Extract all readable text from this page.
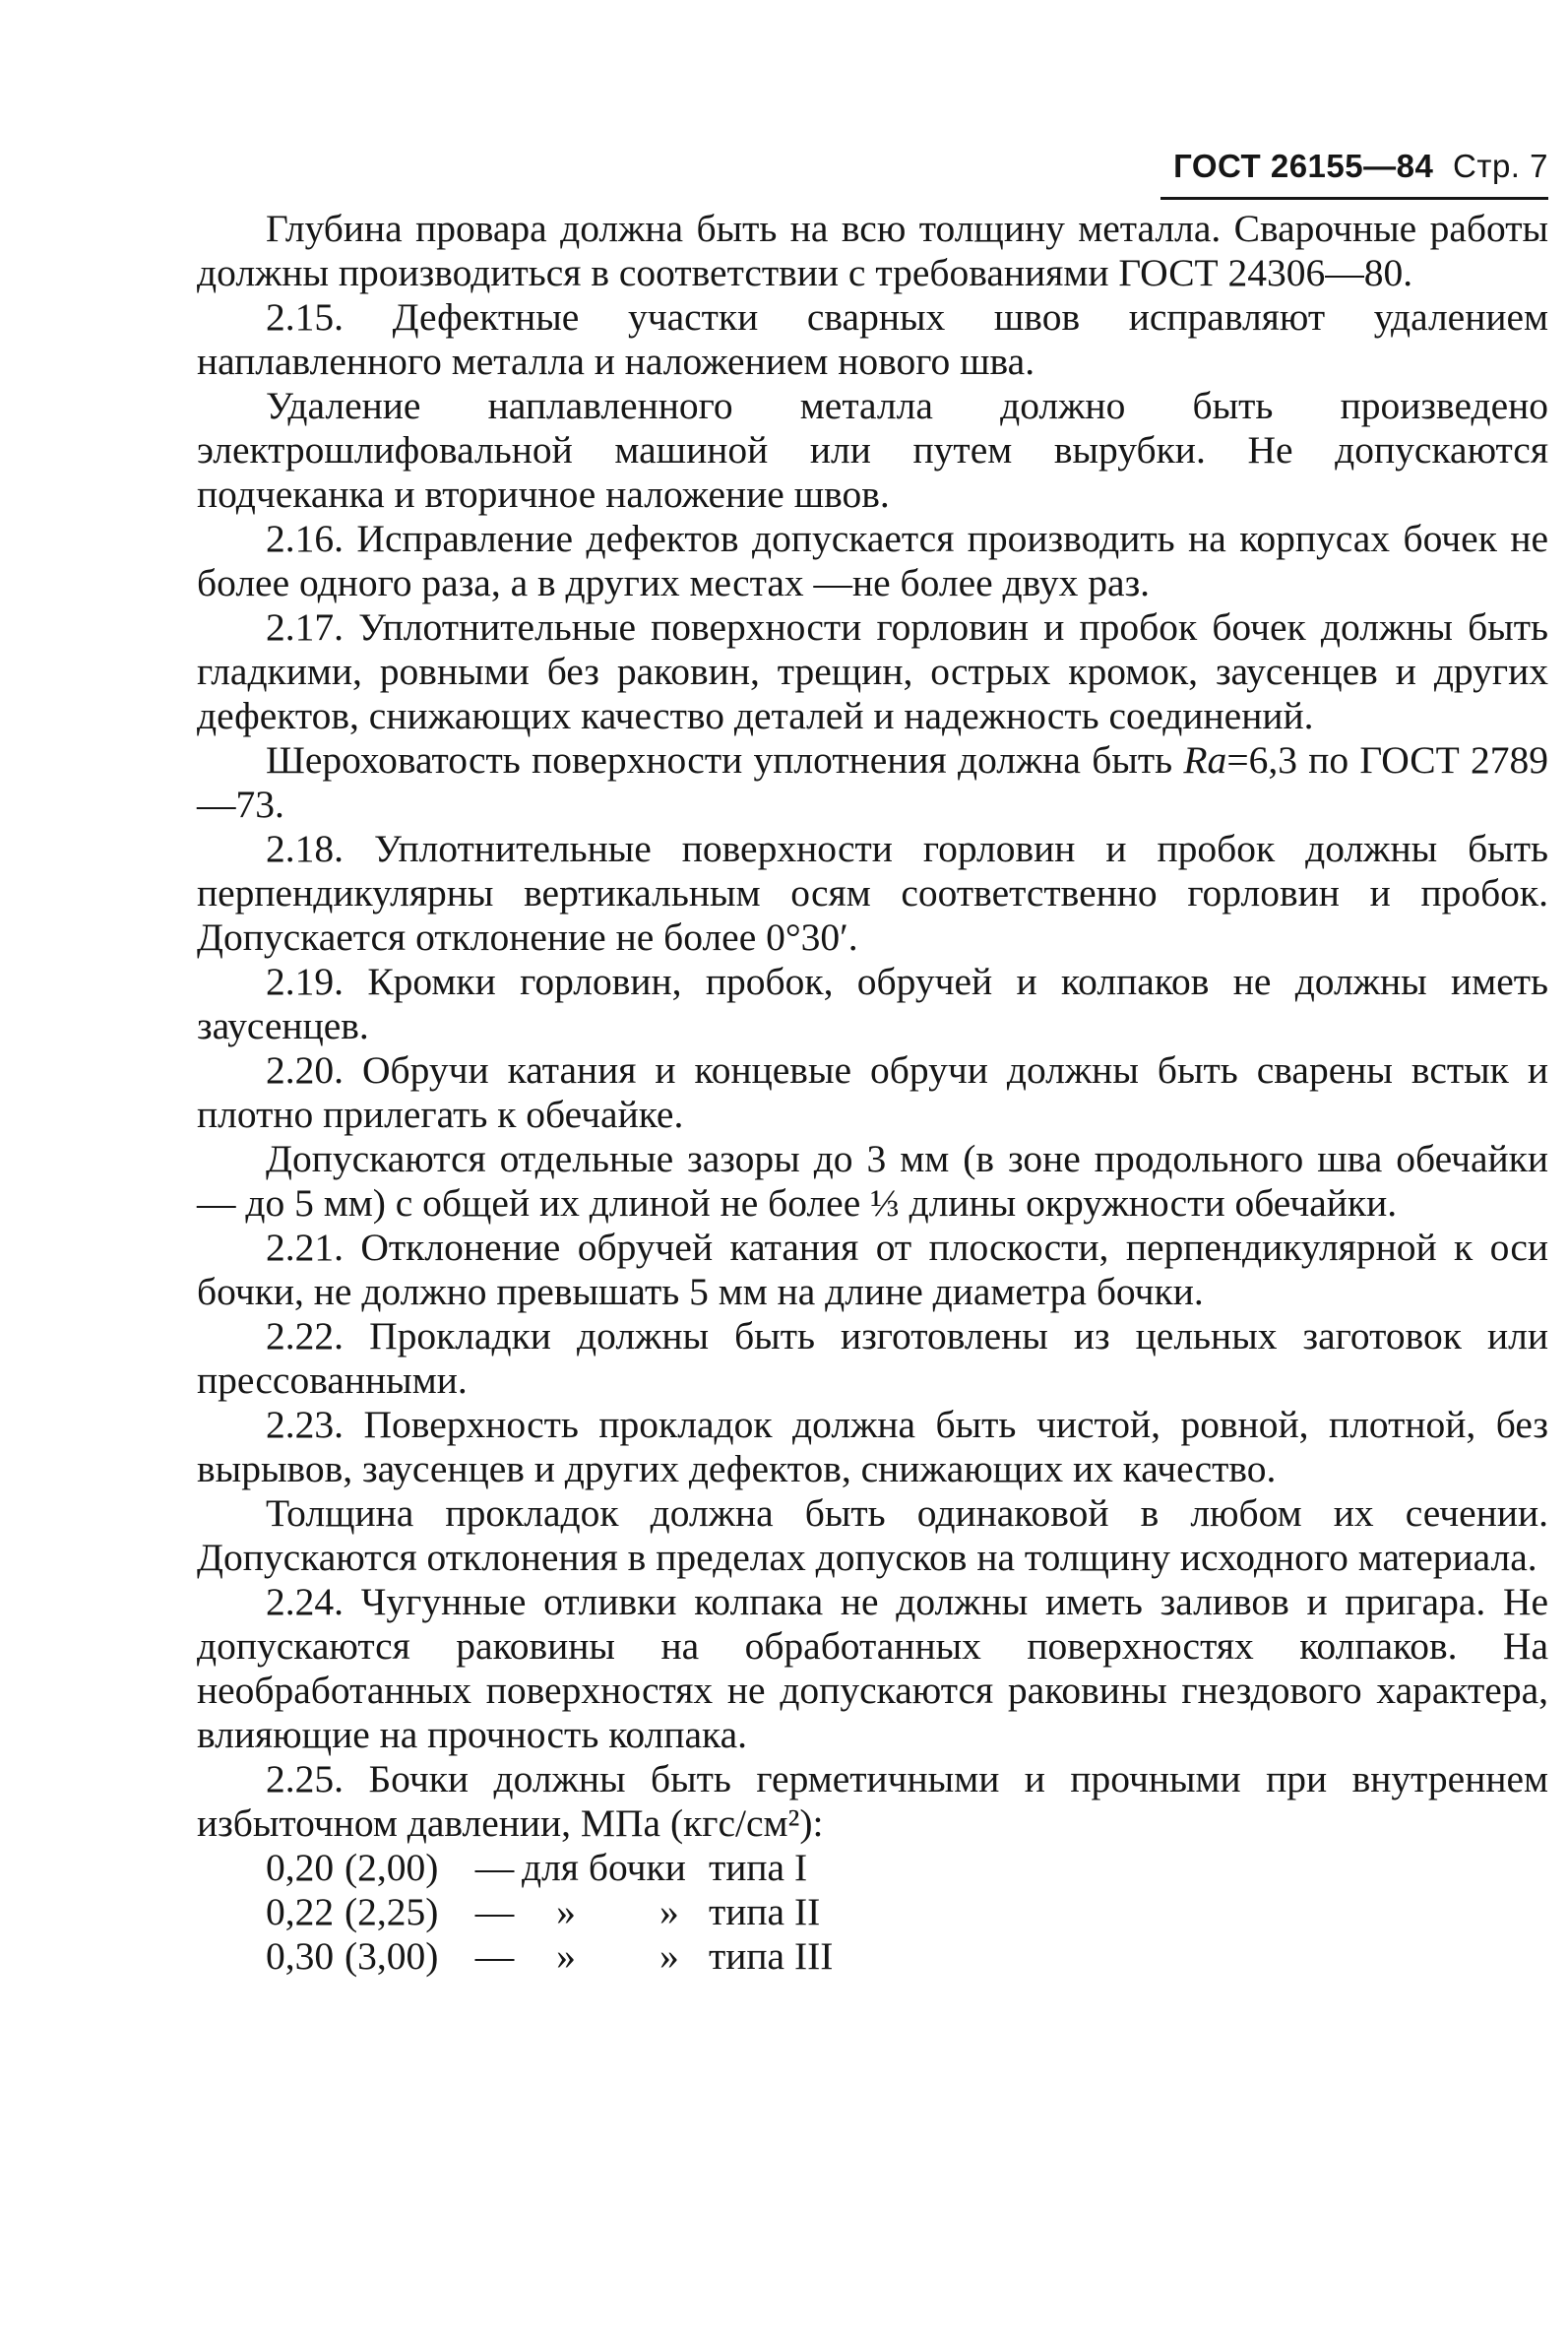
ГОСТ 26155—84 Стр. 7

Глубина провара должна быть на всю толщину металла. Сварочные работы должны производиться в соответствии с требованиями ГОСТ 24306—80.

2.15. Дефектные участки сварных швов исправляют удалением наплавленного металла и наложением нового шва.

Удаление наплавленного металла должно быть произведено электрошлифовальной машиной или путем вырубки. Не допускаются подчеканка и вторичное наложение швов.

2.16. Исправление дефектов допускается производить на корпусах бочек не более одного раза, а в других местах —не более двух раз.

2.17. Уплотнительные поверхности горловин и пробок бочек должны быть гладкими, ровными без раковин, трещин, острых кромок, заусенцев и других дефектов, снижающих качество деталей и надежность соединений.

Шероховатость поверхности уплотнения должна быть Ra=6,3 по ГОСТ 2789—73.

2.18. Уплотнительные поверхности горловин и пробок должны быть перпендикулярны вертикальным осям соответственно горловин и пробок. Допускается отклонение не более 0°30′.

2.19. Кромки горловин, пробок, обручей и колпаков не должны иметь заусенцев.

2.20. Обручи катания и концевые обручи должны быть сварены встык и плотно прилегать к обечайке.

Допускаются отдельные зазоры до 3 мм (в зоне продольного шва обечайки — до 5 мм) с общей их длиной не более ⅓ длины окружности обечайки.

2.21. Отклонение обручей катания от плоскости, перпендикулярной к оси бочки, не должно превышать 5 мм на длине диаметра бочки.

2.22. Прокладки должны быть изготовлены из цельных заготовок или прессованными.

2.23. Поверхность прокладок должна быть чистой, ровной, плотной, без вырывов, заусенцев и других дефектов, снижающих их качество.

Толщина прокладок должна быть одинаковой в любом их сечении. Допускаются отклонения в пределах допусков на толщину исходного материала.

2.24. Чугунные отливки колпака не должны иметь заливов и пригара. Не допускаются раковины на обработанных поверхностях колпаков. На необработанных поверхностях не допускаются раковины гнездового характера, влияющие на прочность колпака.

2.25. Бочки должны быть герметичными и прочными при внутреннем избыточном давлении, МПа (кгс/см²):

0,20 (2,00) — для бочки типа I
0,22 (2,25) —	» » типа II
0,30 (3,00) —	» » типа III
